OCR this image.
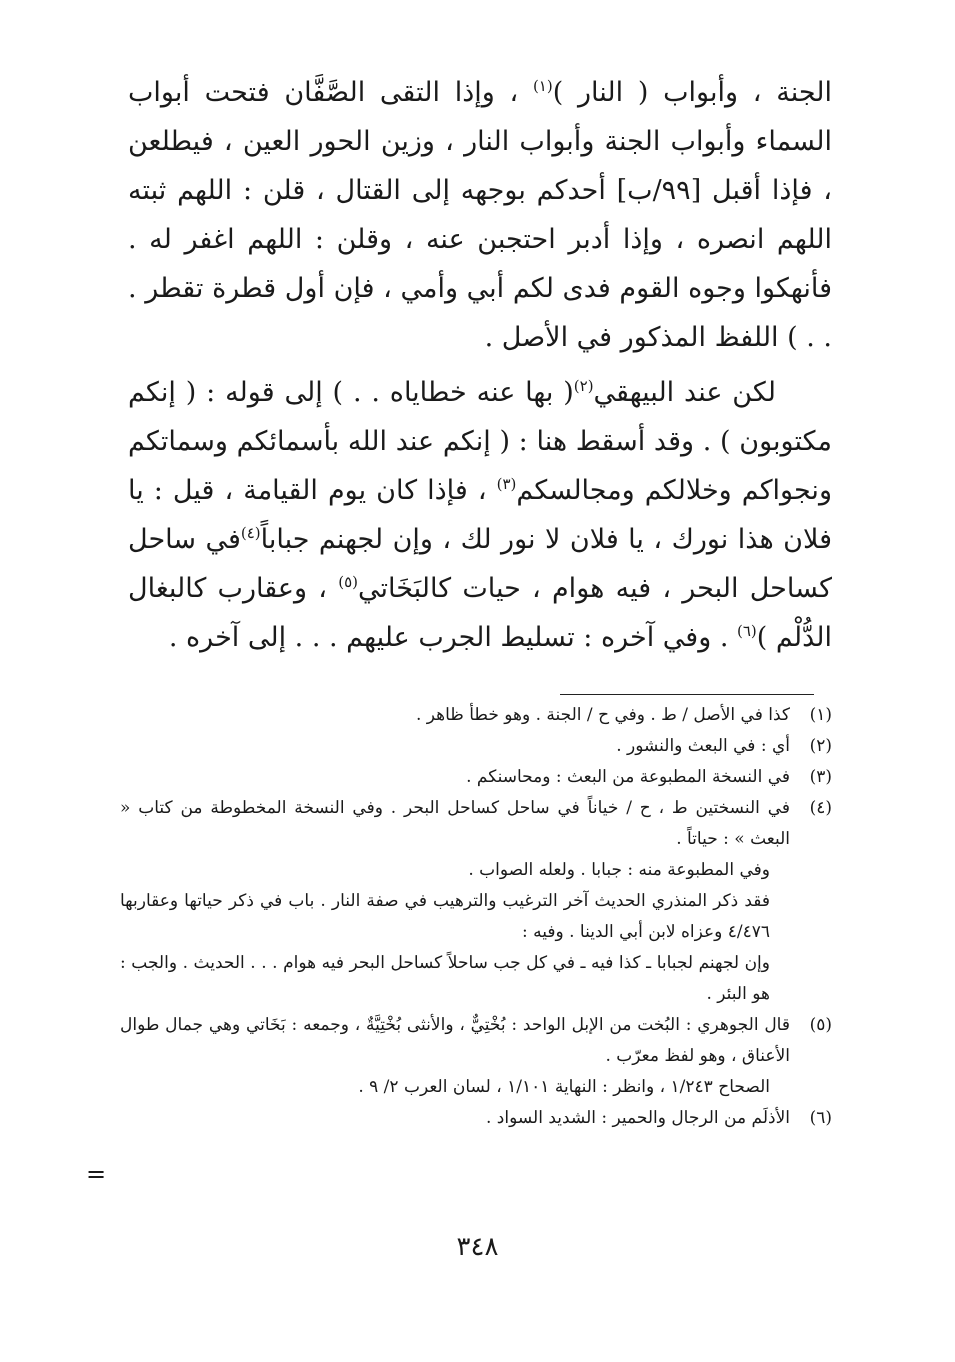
الجنة ، وأبواب ( النار )$^{(١)}$ ، وإذا التقى الصَّفَّان فتحت أبواب السماء وأبواب الجنة وأبواب النار ، وزين الحور العين ، فيطلعن ، فإذا أقبل [٩٩/ب] أحدكم بوجهه إلى القتال ، قلن : اللهم ثبته اللهم انصره ، وإذا أدبر احتجبن عنه ، وقلن : اللهم اغفر له . فأنهكوا وجوه القوم فدى لكم أبي وأمي ، فإن أول قطرة تقطر . . . ) اللفظ المذكور في الأصل .

لكن عند البيهقي$^{(٢)}$( بها عنه خطاياه . . ) إلى قوله : ( إنكم مكتوبون ) . وقد أسقط هنا : ( إنكم عند الله بأسمائكم وسماتكم ونجواكم وخلالكم ومجالسكم$^{(٣)}$ ، فإذا كان يوم القيامة ، قيل : يا فلان هذا نورك ، يا فلان لا نور لك ، وإن لجهنم جباباً$^{(٤)}$في ساحل كساحل البحر ، فيه هوام ، حيات كالبَخَاتي$^{(٥)}$ ، وعقارب كالبغال الدُّلْم )$^{(٦)}$ . وفي آخره : تسليط الجرب عليهم . . . إلى آخره .

(١)
كذا في الأصل / ط . وفي ح / الجنة . وهو خطأ ظاهر .
(٢)
أي : في البعث والنشور .
(٣)
في النسخة المطبوعة من البعث : ومحاسنكم .
(٤)
في النسختين ط ، ح / خياناً في ساحل كساحل البحر . وفي النسخة المخطوطة من كتاب « البعث » : حياتاً .
وفي المطبوعة منه : جبابا . ولعله الصواب .
فقد ذكر المنذري الحديث آخر الترغيب والترهيب في صفة النار . باب في ذكر حياتها وعقاربها ٤/٤٧٦ وعزاه لابن أبي الدينا . وفيه :
وإن لجهنم لجبابا ـ كذا فيه ـ في كل جب ساحلاً كساحل البحر فيه هوام . . . الحديث . والجب : هو البئر .
(٥)
قال الجوهري : البُخت من الإبل الواحد : بُخْتِيٌّ ، والأنثى بُخْتِيَّةٌ ، وجمعه : بَخَاتي وهي جمال طوال الأعناق ، وهو لفظ معرّب .
الصحاح ١/٢٤٣ ، وانظر : النهاية ١/١٠١ ، لسان العرب ٢/ ٩ .
(٦)
الأذلَم من الرجال والحمير : الشديد السواد .
=
٣٤٨
